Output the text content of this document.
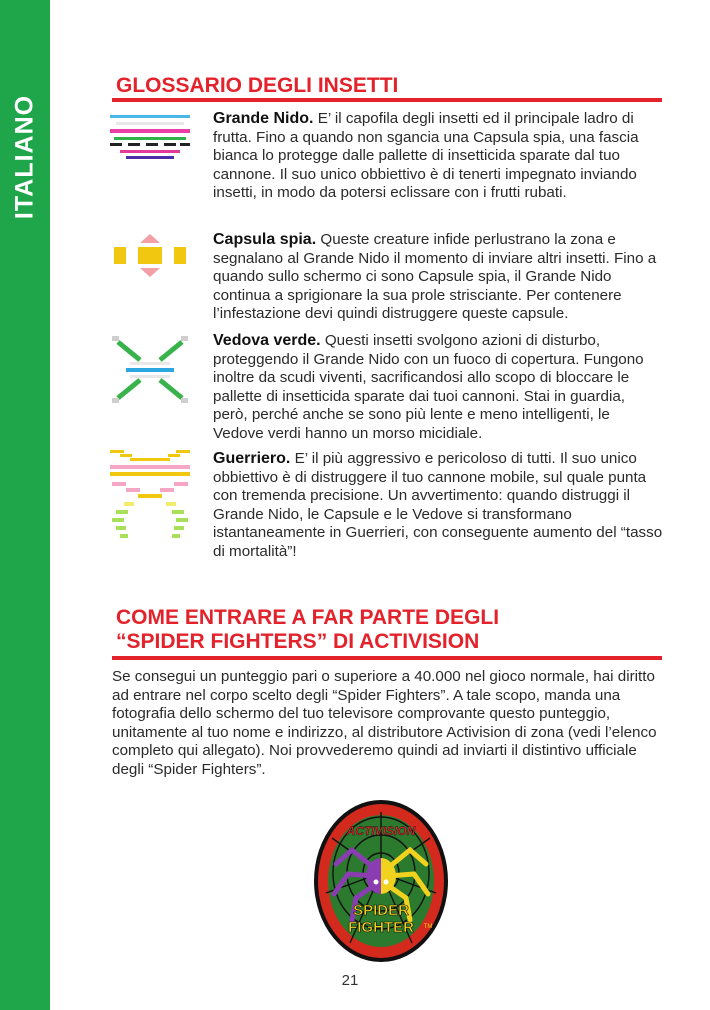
ITALIANO
GLOSSARIO DEGLI INSETTI
Grande Nido. E’ il capofila degli insetti ed il principale ladro di frutta. Fino a quando non sgancia una Capsula spia, una fascia bianca lo protegge dalle pallette di insetticida sparate dal tuo cannone. Il suo unico obbiettivo è di tenerti impegnato inviando insetti, in modo da potersi eclissare con i frutti rubati.
Capsula spia. Queste creature infide perlustrano la zona e segnalano al Grande Nido il momento di inviare altri insetti. Fino a quando sullo schermo ci sono Capsule spia, il Grande Nido continua a sprigionare la sua prole strisciante. Per contenere l’infestazione devi quindi distruggere queste capsule.
Vedova verde. Questi insetti svolgono azioni di disturbo, proteggendo il Grande Nido con un fuoco di copertura. Fungono inoltre da scudi viventi, sacrificandosi allo scopo di bloccare le pallette di insetticida sparate dai tuoi cannoni. Stai in guardia, però, perché anche se sono più lente e meno intelligenti, le Vedove verdi hanno un morso micidiale.
Guerriero. E’ il più aggressivo e pericoloso di tutti. Il suo unico obbiettivo è di distruggere il tuo cannone mobile, sul quale punta con tremenda precisione. Un avvertimento: quando distruggi il Grande Nido, le Capsule e le Vedove si transformano istantaneamente in Guerrieri, con conseguente aumento del “tasso di mortalità”!
COME ENTRARE A FAR PARTE DEGLI
“SPIDER FIGHTERS” DI ACTIVISION
Se consegui un punteggio pari o superiore a 40.000 nel gioco normale, hai diritto ad entrare nel corpo scelto degli “Spider Fighters”. A tale scopo, manda una fotografia dello schermo del tuo televisore comprovante questo punteggio, unitamente al tuo nome e indirizzo, al distributore Activision di zona (vedi l’elenco completo qui allegato). Noi provvederemo quindi ad inviarti il distintivo ufficiale degli “Spider Fighters”.
ACTIVISION
SPIDER
FIGHTER TM
21
